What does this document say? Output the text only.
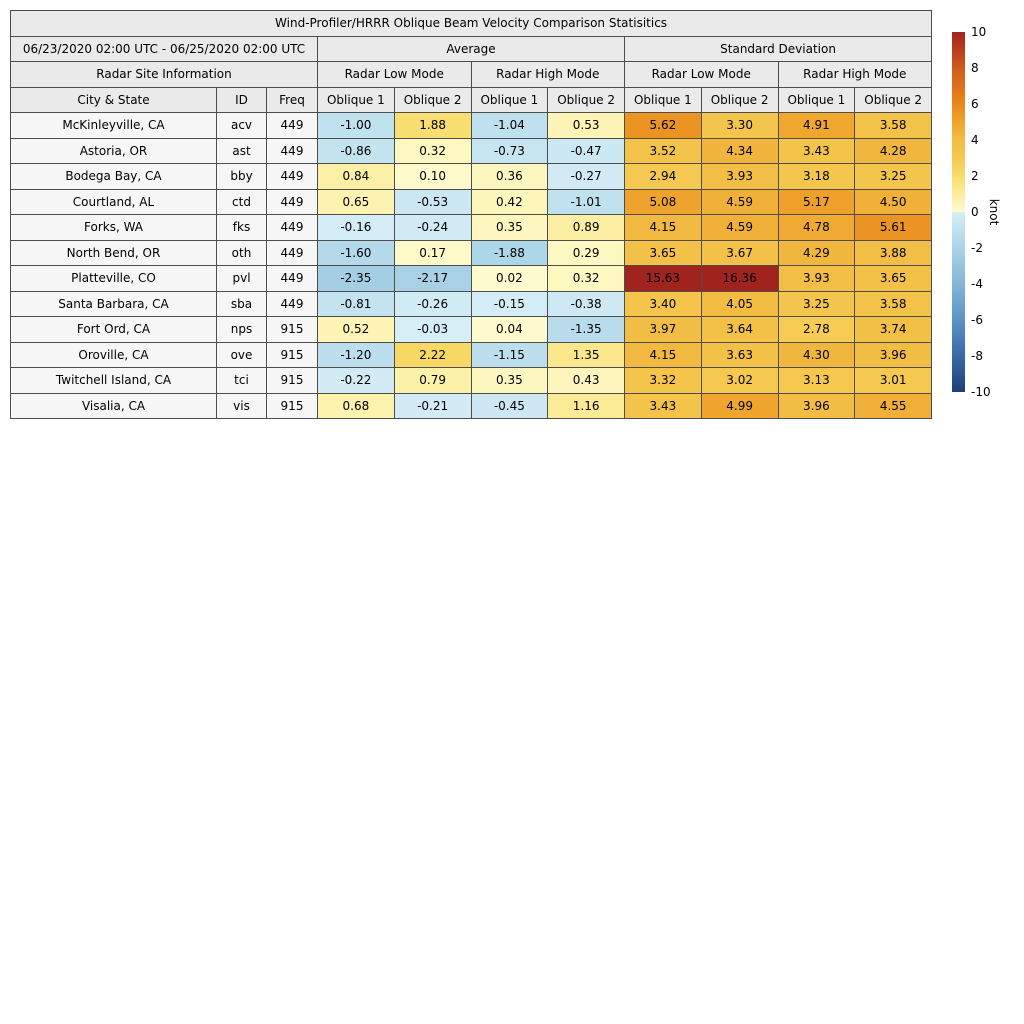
Wind-Profiler/HRRR Oblique Beam Velocity Comparison Statisitics										
06/23/2020 02:00 UTC - 06/25/2020 02:00 UTC			Average				Standard Deviation			
Radar Site Information			Radar Low Mode		Radar High Mode		Radar Low Mode		Radar High Mode	
City & State	ID	Freq	Oblique 1	Oblique 2	Oblique 1	Oblique 2	Oblique 1	Oblique 2	Oblique 1	Oblique 2
McKinleyville, CA	acv	449	-1.00	1.88	-1.04	0.53	5.62	3.30	4.91	3.58
Astoria, OR	ast	449	-0.86	0.32	-0.73	-0.47	3.52	4.34	3.43	4.28
Bodega Bay, CA	bby	449	0.84	0.10	0.36	-0.27	2.94	3.93	3.18	3.25
Courtland, AL	ctd	449	0.65	-0.53	0.42	-1.01	5.08	4.59	5.17	4.50
Forks, WA	fks	449	-0.16	-0.24	0.35	0.89	4.15	4.59	4.78	5.61
North Bend, OR	oth	449	-1.60	0.17	-1.88	0.29	3.65	3.67	4.29	3.88
Platteville, CO	pvl	449	-2.35	-2.17	0.02	0.32	15.63	16.36	3.93	3.65
Santa Barbara, CA	sba	449	-0.81	-0.26	-0.15	-0.38	3.40	4.05	3.25	3.58
Fort Ord, CA	nps	915	0.52	-0.03	0.04	-1.35	3.97	3.64	2.78	3.74
Oroville, CA	ove	915	-1.20	2.22	-1.15	1.35	4.15	3.63	4.30	3.96
Twitchell Island, CA	tci	915	-0.22	0.79	0.35	0.43	3.32	3.02	3.13	3.01
Visalia, CA	vis	915	0.68	-0.21	-0.45	1.16	3.43	4.99	3.96	4.55
10
8
6
4
2
0
-2
-4
-6
-8
-10
knot
